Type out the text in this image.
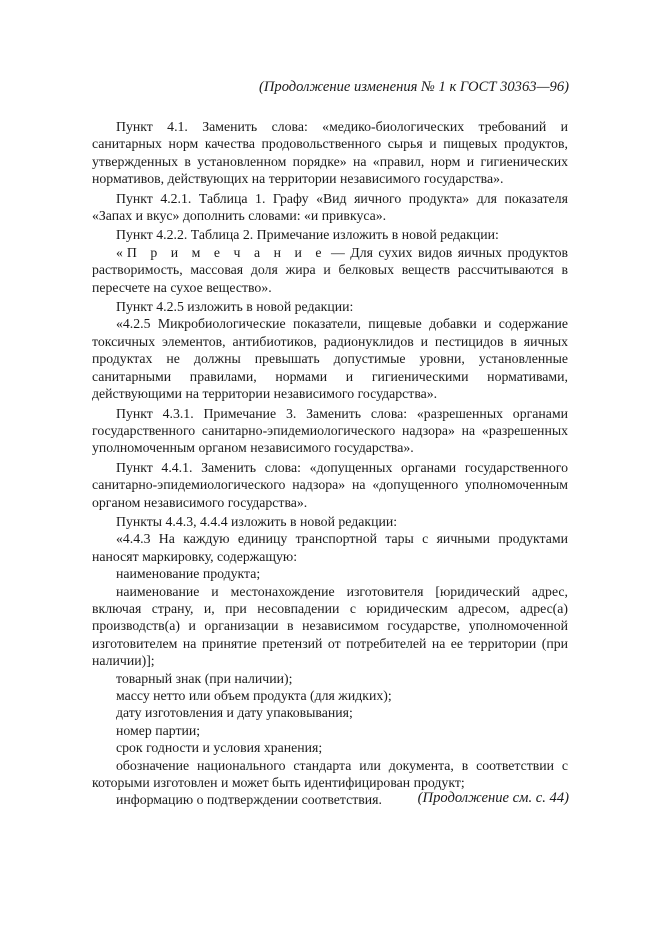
(Продолжение изменения № 1 к ГОСТ 30363—96)

Пункт 4.1. Заменить слова: «медико-биологических требований и санитарных норм качества продовольственного сырья и пищевых продуктов, утвержденных в установленном порядке» на «правил, норм и гигиенических нормативов, действующих на территории независимого государства».

Пункт 4.2.1. Таблица 1. Графу «Вид яичного продукта» для показателя «Запах и вкус» дополнить словами: «и привкуса».

Пункт 4.2.2. Таблица 2. Примечание изложить в новой редакции:

«П р и м е ч а н и е — Для сухих видов яичных продуктов растворимость, массовая доля жира и белковых веществ рассчитываются в пересчете на сухое вещество».

Пункт 4.2.5 изложить в новой редакции:

«4.2.5 Микробиологические показатели, пищевые добавки и содержание токсичных элементов, антибиотиков, радионуклидов и пестицидов в яичных продуктах не должны превышать допустимые уровни, установленные санитарными правилами, нормами и гигиеническими нормативами, действующими на территории независимого государства».

Пункт 4.3.1. Примечание 3. Заменить слова: «разрешенных органами государственного санитарно-эпидемиологического надзора» на «разрешенных уполномоченным органом независимого государства».

Пункт 4.4.1. Заменить слова: «допущенных органами государственного санитарно-эпидемиологического надзора» на «допущенного уполномоченным органом независимого государства».

Пункты 4.4.3, 4.4.4 изложить в новой редакции:

«4.4.3 На каждую единицу транспортной тары с яичными продуктами наносят маркировку, содержащую:

наименование продукта;

наименование и местонахождение изготовителя [юридический адрес, включая страну, и, при несовпадении с юридическим адресом, адрес(а) производств(а) и организации в независимом государстве, уполномоченной изготовителем на принятие претензий от потребителей на ее территории (при наличии)];

товарный знак (при наличии);

массу нетто или объем продукта (для жидких);

дату изготовления и дату упаковывания;

номер партии;

срок годности и условия хранения;

обозначение национального стандарта или документа, в соответствии с которыми изготовлен и может быть идентифицирован продукт;

информацию о подтверждении соответствия.	(Продолжение см. с. 44)
